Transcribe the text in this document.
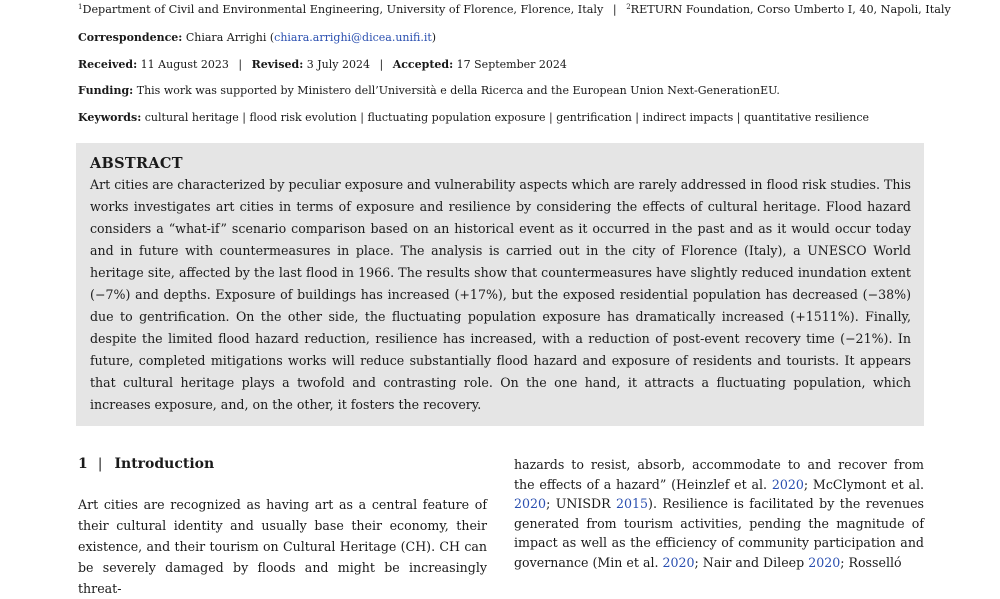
$^1$Department of Civil and Environmental Engineering, University of Florence, Florence, Italy | $^2$RETURN Foundation, Corso Umberto I, 40, Napoli, Italy
Correspondence: Chiara Arrighi (chiara.arrighi@dicea.unifi.it)
Received: 11 August 2023 | Revised: 3 July 2024 | Accepted: 17 September 2024
Funding: This work was supported by Ministero dell’Università e della Ricerca and the European Union Next-GenerationEU.
Keywords: cultural heritage | flood risk evolution | fluctuating population exposure | gentrification | indirect impacts | quantitative resilience
ABSTRACT

Art cities are characterized by peculiar exposure and vulnerability aspects which are rarely addressed in flood risk studies. This works investigates art cities in terms of exposure and resilience by considering the effects of cultural heritage. Flood hazard considers a “what-if” scenario comparison based on an historical event as it occurred in the past and as it would occur today and in future with countermeasures in place. The analysis is carried out in the city of Florence (Italy), a UNESCO World heritage site, affected by the last flood in 1966. The results show that countermeasures have slightly reduced inundation extent (−7%) and depths. Exposure of buildings has increased (+17%), but the exposed residential population has decreased (−38%) due to gentrification. On the other side, the fluctuating population exposure has dramatically increased (+1511%). Finally, despite the limited flood hazard reduction, resilience has increased, with a reduction of post-event recovery time (−21%). In future, completed mitigations works will reduce substantially flood hazard and exposure of residents and tourists. It appears that cultural heritage plays a twofold and contrasting role. On the one hand, it attracts a fluctuating population, which increases exposure, and, on the other, it fosters the recovery.

1 | Introduction
Art cities are recognized as having art as a central feature of their cultural identity and usually base their economy, their existence, and their tourism on Cultural Heritage (CH). CH can be severely damaged by floods and might be increasingly threat-
hazards to resist, absorb, accommodate to and recover from the effects of a hazard” (Heinzlef et al. 2020; McClymont et al. 2020; UNISDR 2015). Resilience is facilitated by the revenues generated from tourism activities, pending the magnitude of impact as well as the efficiency of community participation and governance (Min et al. 2020; Nair and Dileep 2020; Rosselló
